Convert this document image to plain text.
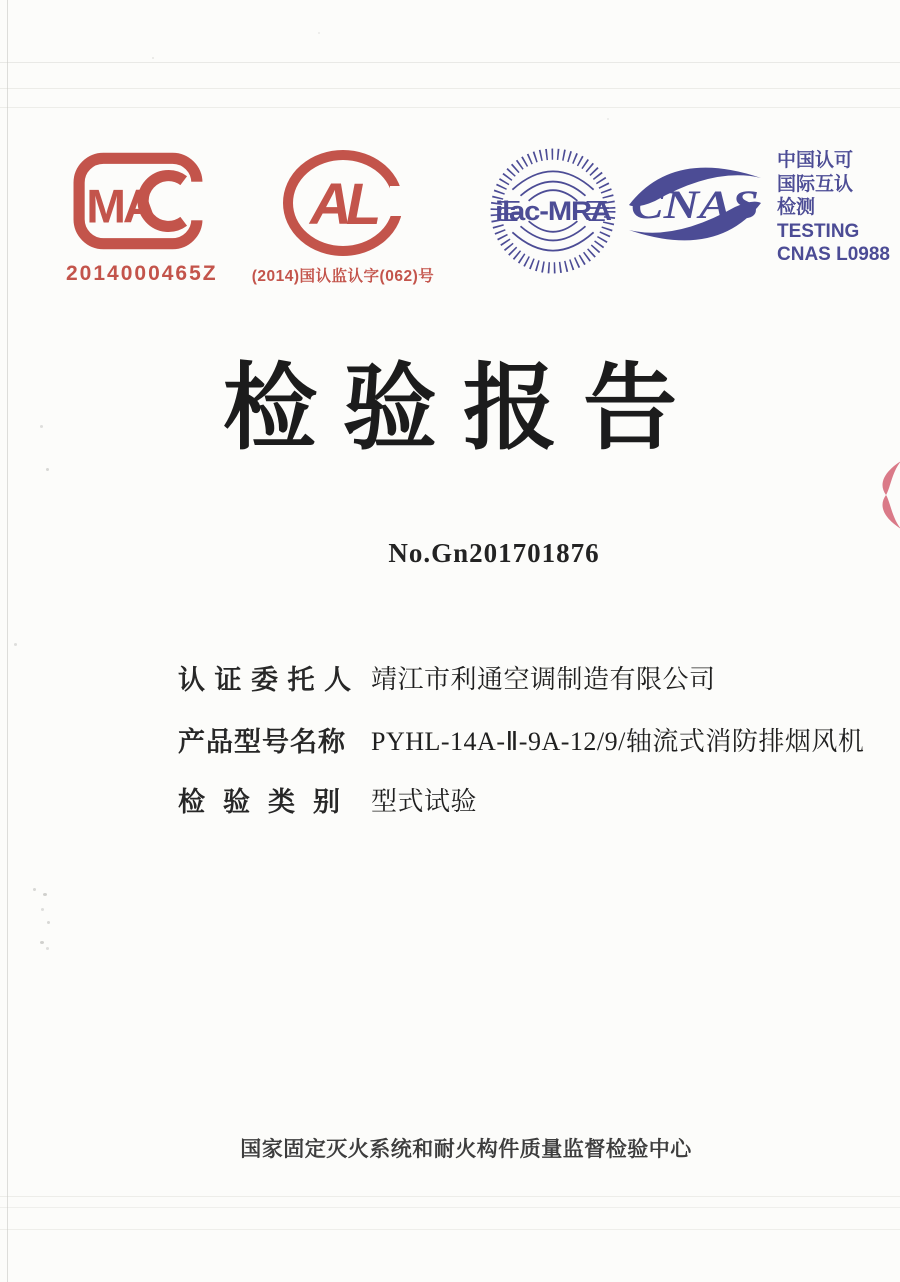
MA
2014000465Z
AL
(2014)国认监认字(062)号
ilac-MRA CNAS
中国认可
国际互认
检测
TESTING
CNAS L0988
检 验 报 告
No.Gn201701876
认 证 委 托 人 靖江市利通空调制造有限公司
产品型号名称 PYHL-14A-Ⅱ-9A-12/9/轴流式消防排烟风机
检  验  类  别 型式试验
国家固定灭火系统和耐火构件质量监督检验中心
